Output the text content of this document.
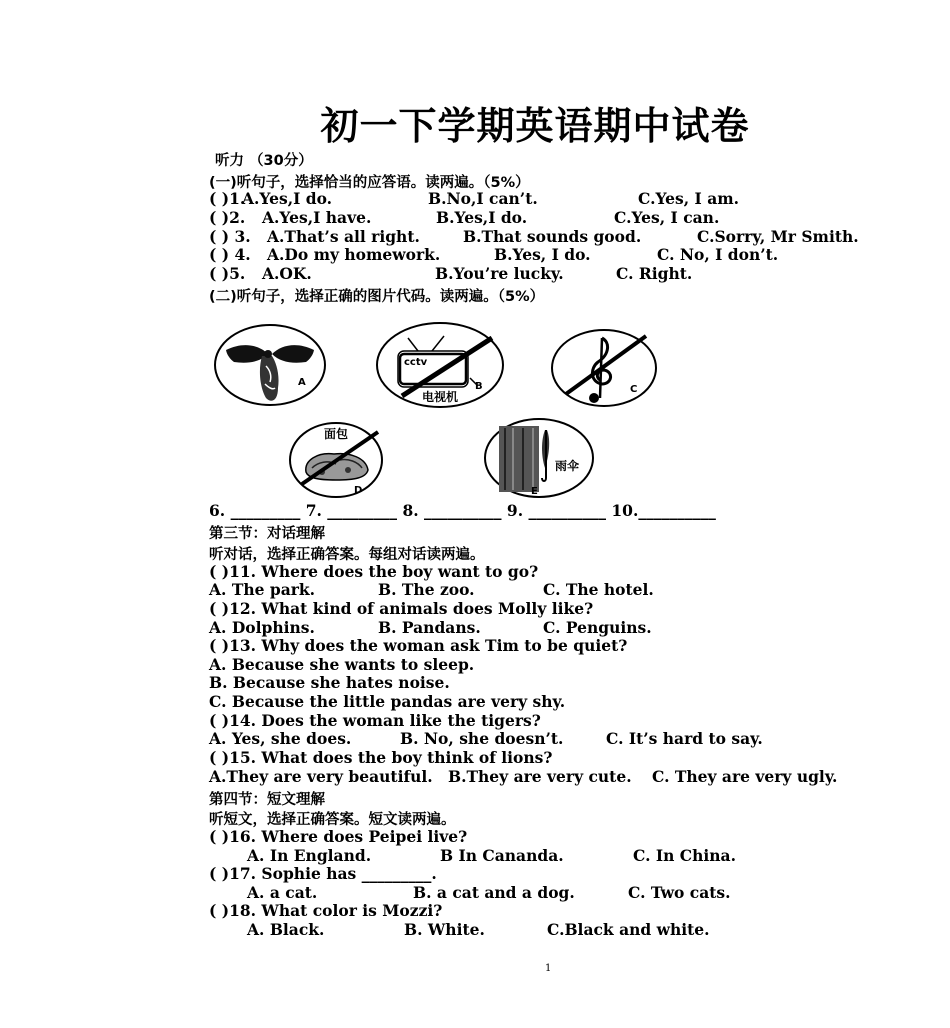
初一下学期英语期中试卷
听力 （30分）
(一)听句子，选择恰当的应答语。读两遍。（5%）
( )1.
A.Yes,I do.	B.No,I can’t.	C.Yes, I am.
( )2. A.Yes,I have.	B.Yes,I do.	C.Yes, I can.
( ) 3. A.That’s all right.	B.That sounds good.	C.Sorry, Mr Smith.
( ) 4. A.Do my homework.	B.Yes, I do.	C. No, I don’t.
( )5. A.OK.	B.You’re lucky.	C. Right.
(二)听句子，选择正确的图片代码。读两遍。（5%）
A
cctv
电视机
B	C
面包
D
雨伞
E
6. _________ 7. _________ 8. __________ 9. __________ 10.__________
第三节：对话理解
听对话，选择正确答案。每组对话读两遍。
( )11. Where does the boy want to go?
A. The park.	B. The zoo.	C. The hotel.
( )12. What kind of animals does Molly like?
A. Dolphins.	B. Pandans.	C. Penguins.
( )13. Why does the woman ask Tim to be quiet?
A. Because she wants to sleep.
B. Because she hates noise.
C. Because the little pandas are very shy.
( )14. Does the woman like the tigers?
A. Yes, she does.	B. No, she doesn’t.	C. It’s hard to say.
( )15. What does the boy think of lions?
A.They are very beautiful. B.They are very cute. C. They are very ugly.
第四节：短文理解
听短文，选择正确答案。短文读两遍。
( )16. Where does Peipei live?
A. In England.	B In Cananda.	C. In China.
( )17. Sophie has _________.
A. a cat.	B. a cat and a dog.	C. Two cats.
( )18. What color is Mozzi?
A. Black.	B. White.	C.Black and white.
1
